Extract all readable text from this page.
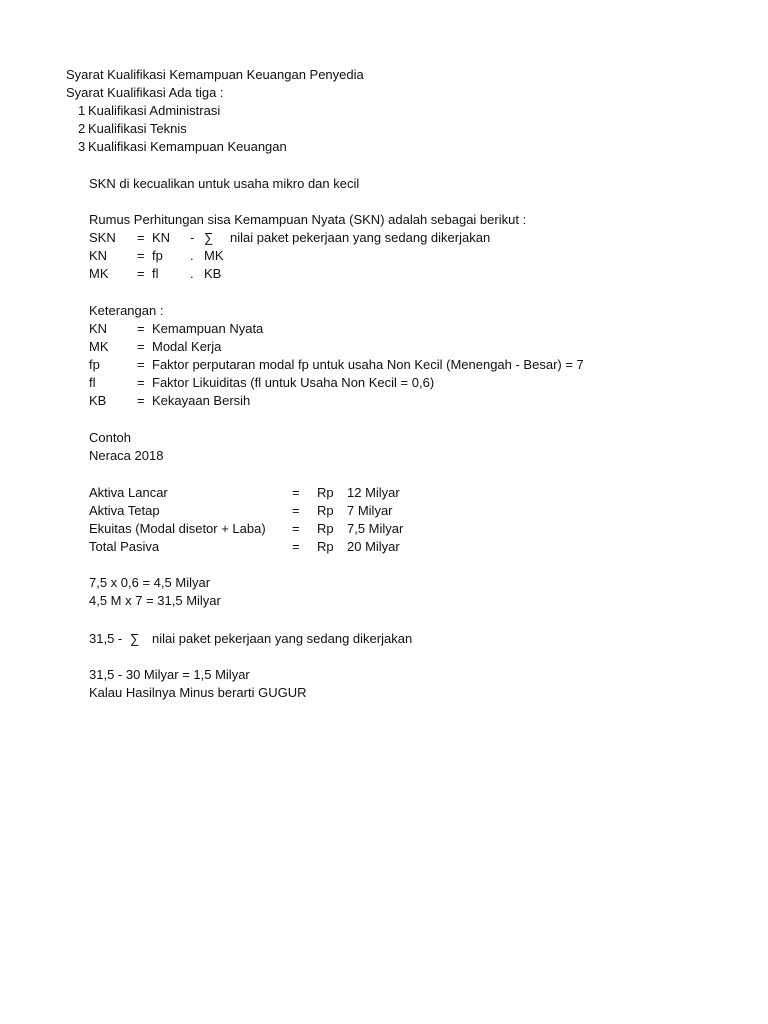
Syarat Kualifikasi Kemampuan Keuangan Penyedia
Syarat Kualifikasi Ada tiga :
1 Kualifikasi Administrasi
2 Kualifikasi Teknis
3 Kualifikasi Kemampuan Keuangan
SKN di kecualikan untuk usaha mikro dan kecil
Rumus Perhitungan sisa Kemampuan Nyata (SKN) adalah sebagai berikut :
SKN = KN - ∑ nilai paket pekerjaan yang sedang dikerjakan
KN = fp . MK
MK = fl . KB
Keterangan :
KN = Kemampuan Nyata
MK = Modal Kerja
fp	= Faktor perputaran modal fp untuk usaha Non Kecil (Menengah - Besar) = 7
fl	= Faktor Likuiditas (fl untuk Usaha Non Kecil = 0,6)
KB = Kekayaan Bersih
Contoh
Neraca 2018
Aktiva Lancar	= Rp 12 Milyar
Aktiva Tetap	= Rp 7 Milyar
Ekuitas (Modal disetor + Laba) = Rp 7,5 Milyar
Total Pasiva	= Rp 20 Milyar
7,5 x 0,6 = 4,5 Milyar
4,5 M x 7 = 31,5 Milyar
31,5 - ∑ nilai paket pekerjaan yang sedang dikerjakan
31,5 - 30 Milyar = 1,5 Milyar
Kalau Hasilnya Minus berarti GUGUR
